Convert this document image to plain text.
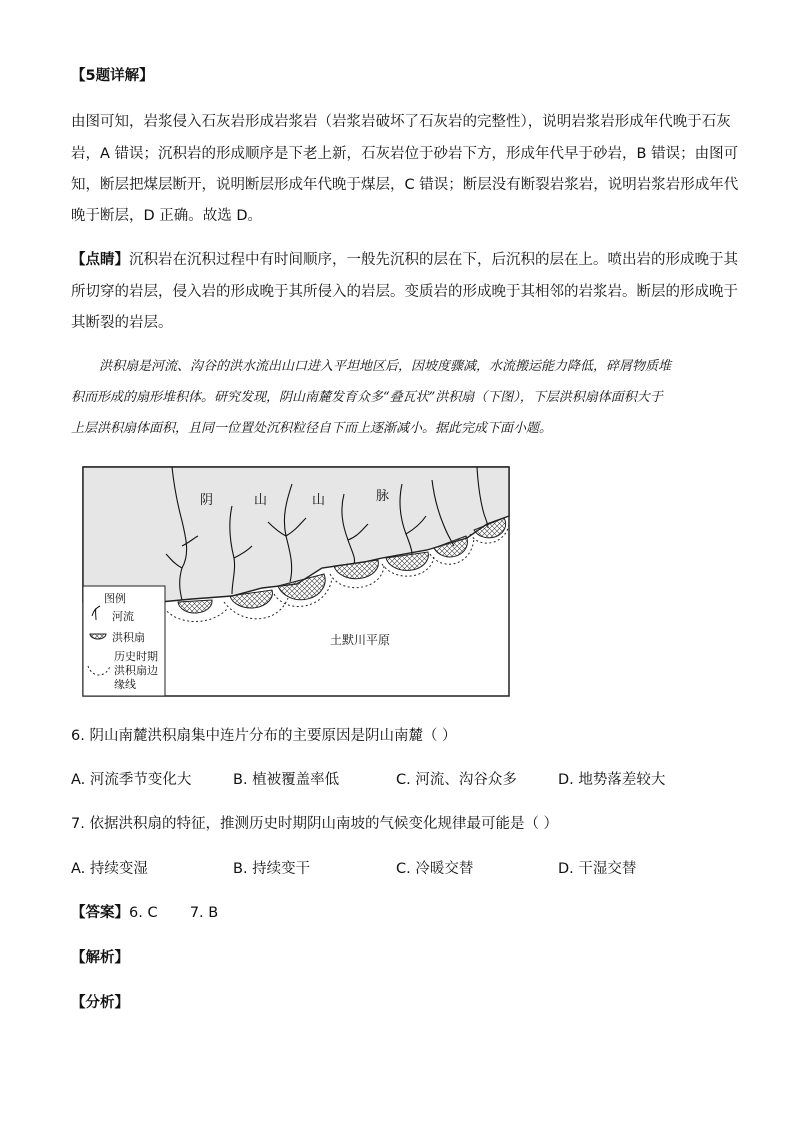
【5题详解】
由图可知，岩浆侵入石灰岩形成岩浆岩（岩浆岩破坏了石灰岩的完整性），说明岩浆岩形成年代晚于石灰
岩，A 错误；沉积岩的形成顺序是下老上新，石灰岩位于砂岩下方，形成年代早于砂岩，B 错误；由图可
知，断层把煤层断开，说明断层形成年代晚于煤层，C 错误；断层没有断裂岩浆岩，说明岩浆岩形成年代
晚于断层，D 正确。故选 D。
【点睛】沉积岩在沉积过程中有时间顺序，一般先沉积的层在下，后沉积的层在上。喷出岩的形成晚于其
所切穿的岩层，侵入岩的形成晚于其所侵入的岩层。变质岩的形成晚于其相邻的岩浆岩。断层的形成晚于
其断裂的岩层。
洪积扇是河流、沟谷的洪水流出山口进入平坦地区后，因坡度骤减，水流搬运能力降低，碎屑物质堆
积而形成的扇形堆积体。研究发现，阴山南麓发育众多“叠瓦状”洪积扇（下图），下层洪积扇体面积大于
上层洪积扇体面积，且同一位置处沉积粒径自下而上逐渐减小。据此完成下面小题。
阴	山	山	脉
土默川平原
图例
河流
洪积扇
历史时期
洪积扇边
缘线
6. 阴山南麓洪积扇集中连片分布的主要原因是阴山南麓（ ）
A. 河流季节变化大	B. 植被覆盖率低	C. 河流、沟谷众多	D. 地势落差较大
7. 依据洪积扇的特征，推测历史时期阴山南坡的气候变化规律最可能是（ ）
A. 持续变湿	B. 持续变干	C. 冷暖交替	D. 干湿交替
【答案】6. C       7. B
【解析】
【分析】
